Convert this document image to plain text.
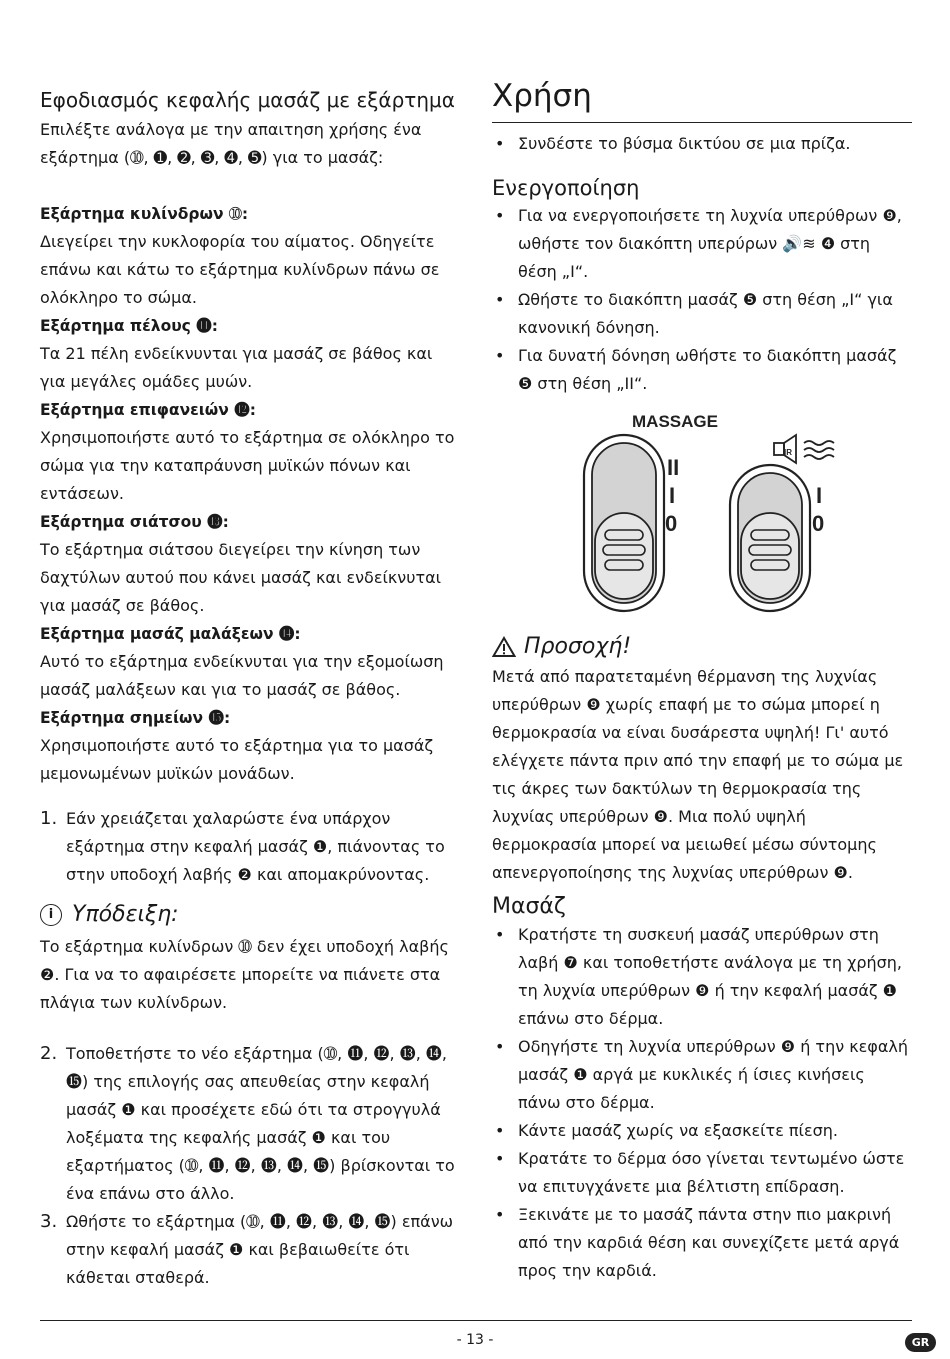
Εφοδιασμός κεφαλής μασάζ με εξάρτημα

Επιλέξτε ανάλογα με την απαιτηση χρήσης ένα εξάρτημα (➉, ➊, ➋, ➌, ➍, ➎) για το μασάζ:

Εξάρτημα κυλίνδρων ➉:

Διεγείρει την κυκλοφορία του αίματος. Οδηγείτε επάνω και κάτω το εξάρτημα κυλίνδρων πάνω σε ολόκληρο το σώμα.

Εξάρτημα πέλους ⓫:

Τα 21 πέλη ενδείκνυνται για μασάζ σε βάθος και για μεγάλες ομάδες μυών.

Εξάρτημα επιφανειών ⓬:

Χρησιμοποιήστε αυτό το εξάρτημα σε ολόκληρο το σώμα για την καταπράυνση μυϊκών πόνων και εντάσεων.

Εξάρτημα σιάτσου ⓭:

Το εξάρτημα σιάτσου διεγείρει την κίνηση των δαχτύλων αυτού που κάνει μασάζ και ενδείκνυται για μασάζ σε βάθος.

Εξάρτημα μασάζ μαλάξεων ⓮:

Αυτό το εξάρτημα ενδείκνυται για την εξομοίωση μασάζ μαλάξεων και για το μασάζ σε βάθος.

Εξάρτημα σημείων ⓯:

Χρησιμοποιήστε αυτό το εξάρτημα για το μασάζ μεμονωμένων μυϊκών μονάδων.

1. Εάν χρειάζεται χαλαρώστε ένα υπάρχον εξάρτημα στην κεφαλή μασάζ ❶, πιάνοντας το στην υποδοχή λαβής ❷ και απομακρύνοντας.
i Υπόδειξη:

Το εξάρτημα κυλίνδρων ➉ δεν έχει υποδοχή λαβής ❷. Για να το αφαιρέσετε μπορείτε να πιάνετε στα πλάγια των κυλίνδρων.

2. Τοποθετήστε το νέο εξάρτημα (➉, ⓫, ⓬, ⓭, ⓮, ⓯) της επιλογής σας απευθείας στην κεφαλή μασάζ ❶ και προσέχετε εδώ ότι τα στρογγυλά λοξέματα της κεφαλής μασάζ ❶ και του εξαρτήματος (➉, ⓫, ⓬, ⓭, ⓮, ⓯) βρίσκονται το ένα επάνω στο άλλο.
3. Ωθήστε το εξάρτημα (➉, ⓫, ⓬, ⓭, ⓮, ⓯) επάνω στην κεφαλή μασάζ ❶ και βεβαιωθείτε ότι κάθεται σταθερά.
Χρήση
• Συνδέστε το βύσμα δικτύου σε μια πρίζα.
Ενεργοποίηση
• Για να ενεργοποιήσετε τη λυχνία υπερύθρων ❾, ωθήστε τον διακόπτη υπερύρων 🔊≋ ❹ στη θέση „I“.
• Ωθήστε το διακόπτη μασάζ ❺ στη θέση „I“ για κανονική δόνηση.
• Για δυνατή δόνηση ωθήστε το διακόπτη μασάζ ❺ στη θέση „II“.
MASSAGE
II
I
0
IR
I
0
Προσοχή!

Μετά από παρατεταμένη θέρμανση της λυχνίας υπερύθρων ❾ χωρίς επαφή με το σώμα μπορεί η θερμοκρασία να είναι δυσάρεστα υψηλή! Γι' αυτό ελέγχετε πάντα πριν από την επαφή με το σώμα με τις άκρες των δακτύλων τη θερμοκρασία της λυχνίας υπερύθρων ❾. Μια πολύ υψηλή θερμοκρασία μπορεί να μειωθεί μέσω σύντομης απενεργοποίησης της λυχνίας υπερύθρων ❾.

Μασάζ
• Κρατήστε τη συσκευή μασάζ υπερύθρων στη λαβή ❼ και τοποθετήστε ανάλογα με τη χρήση, τη λυχνία υπερύθρων ❾ ή την κεφαλή μασάζ ❶ επάνω στο δέρμα.
• Οδηγήστε τη λυχνία υπερύθρων ❾ ή την κεφαλή μασάζ ❶ αργά με κυκλικές ή ίσιες κινήσεις πάνω στο δέρμα.
• Κάντε μασάζ χωρίς να εξασκείτε πίεση.
• Κρατάτε το δέρμα όσο γίνεται τεντωμένο ώστε να επιτυγχάνετε μια βέλτιστη επίδραση.
• Ξεκινάτε με το μασάζ πάντα στην πιο μακρινή από την καρδιά θέση και συνεχίζετε μετά αργά προς την καρδιά.
- 13 -	GR
